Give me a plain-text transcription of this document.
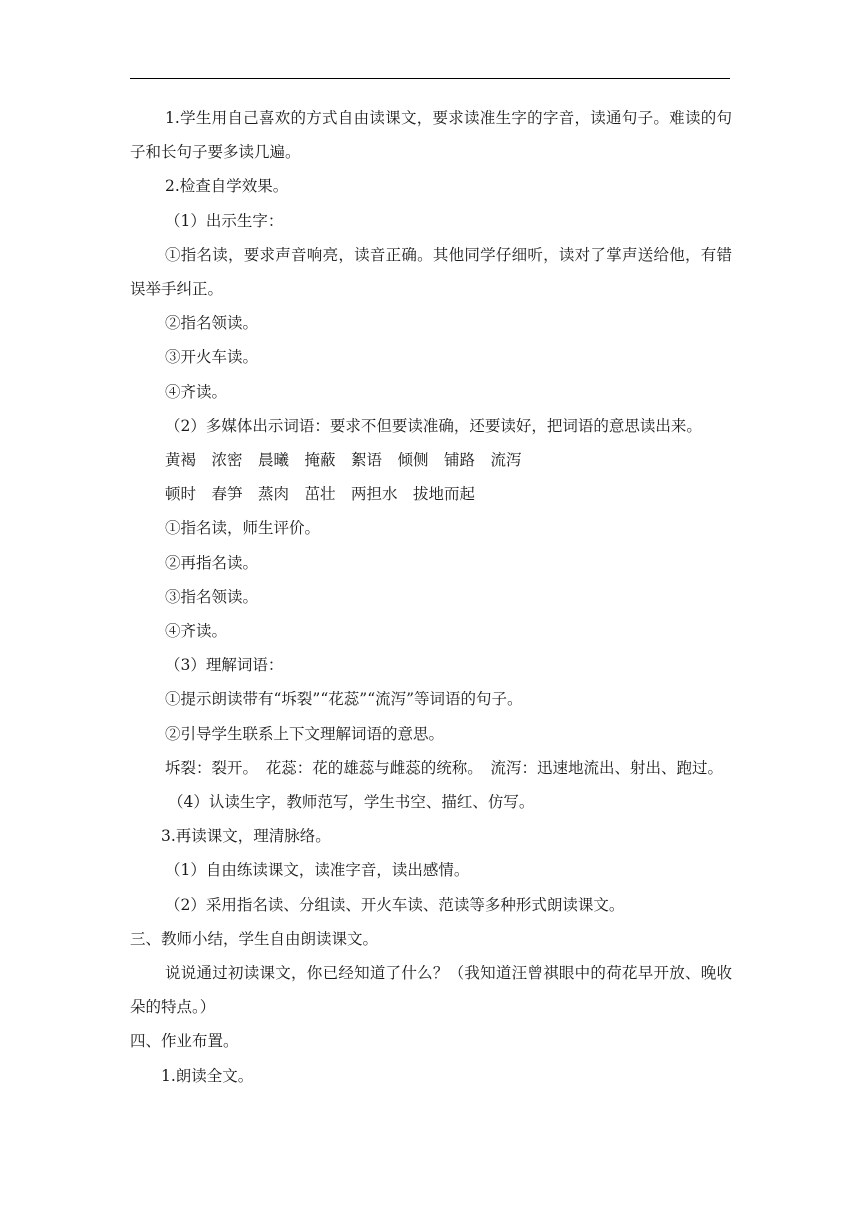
1.学生用自己喜欢的方式自由读课文，要求读准生字的字音，读通句子。难读的句子和长句子要多读几遍。

2.检查自学效果。

（1）出示生字：

①指名读，要求声音响亮，读音正确。其他同学仔细听，读对了掌声送给他，有错误举手纠正。

②指名领读。

③开火车读。

④齐读。

（2）多媒体出示词语：要求不但要读准确，还要读好，把词语的意思读出来。

黄褐　浓密　晨曦　掩蔽　絮语　倾侧　铺路　流泻

顿时　春笋　蒸肉　茁壮　两担水　拔地而起

①指名读，师生评价。

②再指名读。

③指名领读。

④齐读。

（3）理解词语：

①提示朗读带有“坼裂”“花蕊”“流泻”等词语的句子。

②引导学生联系上下文理解词语的意思。

坼裂：裂开。　花蕊：花的雄蕊与雌蕊的统称。　流泻：迅速地流出、射出、跑过。

（4）认读生字，教师范写，学生书空、描红、仿写。

3.再读课文，理清脉络。

（1）自由练读课文，读准字音，读出感情。

（2）采用指名读、分组读、开火车读、范读等多种形式朗读课文。

三、教师小结，学生自由朗读课文。

说说通过初读课文，你已经知道了什么？（我知道汪曾祺眼中的荷花早开放、晚收朵的特点。）

四、作业布置。

1.朗读全文。
